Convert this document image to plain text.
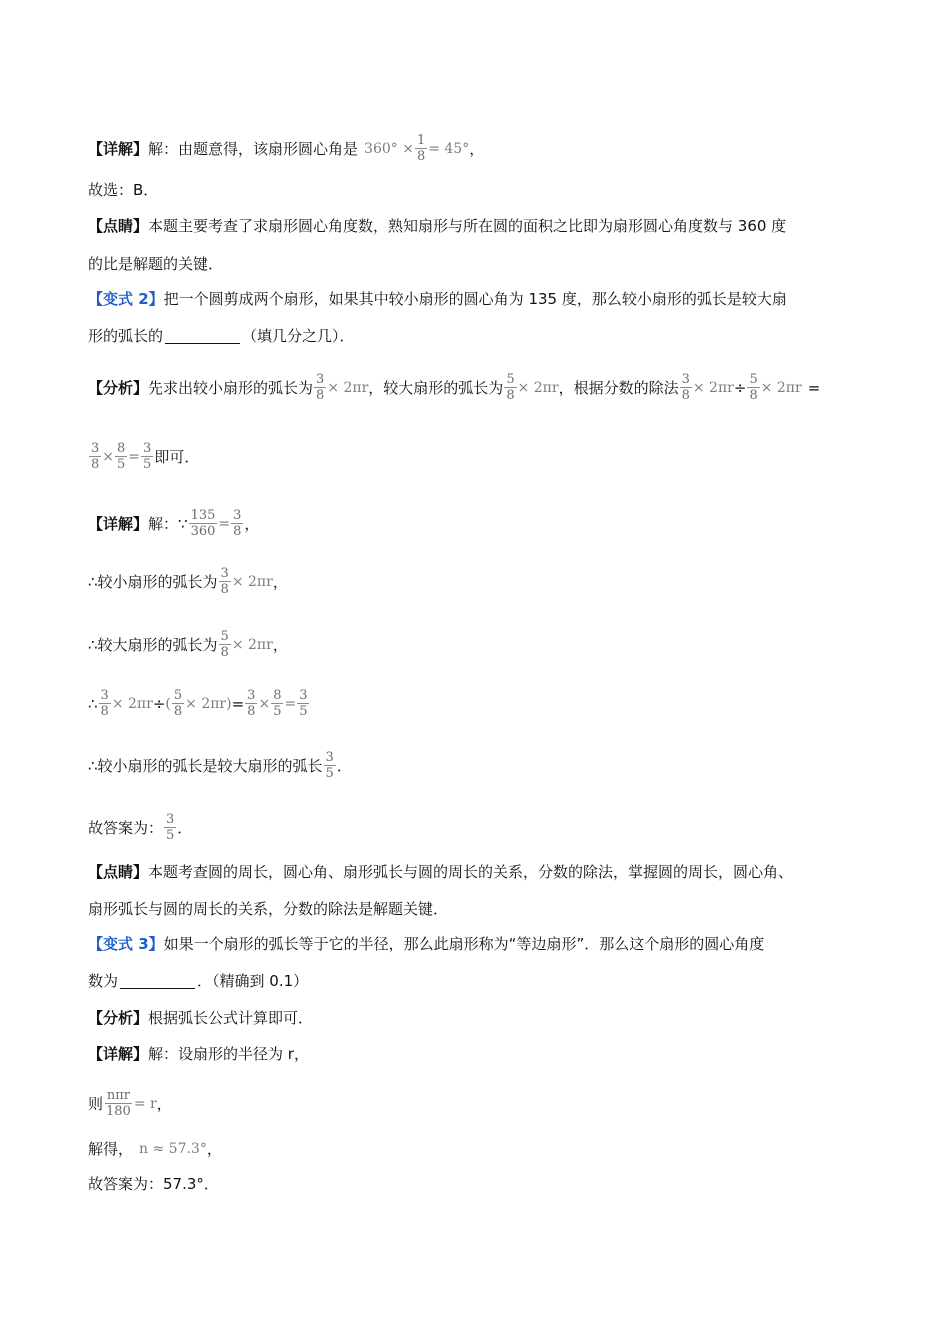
【详解】 解：由题意得，该扇形圆心角是 $360^\circ \times \frac{1}{8} = 45^\circ$ ，
故选：B．
【点睛】 本题主要考查了求扇形圆心角度数，熟知扇形与所在圆的面积之比即为扇形圆心角度数与 360 度
的比是解题的关键．
【变式 2】 把一个圆剪成两个扇形，如果其中较小扇形的圆心角为 135 度，那么较小扇形的弧长是较大扇
形的弧长的	（填几分之几）．
【分析】 先求出较小扇形的弧长为 $\frac{3}{8} \times 2\pi r$ ，较大扇形的弧长为 $\frac{5}{8} \times 2\pi r$ ，根据分数的除法 $\frac{3}{8} \times 2\pi r \div \frac{5}{8} \times 2\pi r$ =
$\frac{3}{8} \times \frac{8}{5} = \frac{3}{5}$ 即可．
【详解】 解：∵ $\frac{135}{360} = \frac{3}{8}$ ，
∴较小扇形的弧长为 $\frac{3}{8} \times 2\pi r$ ，
∴较大扇形的弧长为 $\frac{5}{8} \times 2\pi r$ ，
∴ $\frac{3}{8} \times 2\pi r$ ÷ ( $\frac{5}{8} \times 2\pi r$ ) = $\frac{3}{8} \times \frac{8}{5} = \frac{3}{5}$
∴较小扇形的弧长是较大扇形的弧长 $\frac{3}{5}$ ．
故答案为： $\frac{3}{5}$ ．
【点睛】 本题考查圆的周长，圆心角、扇形弧长与圆的周长的关系，分数的除法，掌握圆的周长，圆心角、
扇形弧长与圆的周长的关系，分数的除法是解题关键．
【变式 3】 如果一个扇形的弧长等于它的半径，那么此扇形称为“等边扇形”．那么这个扇形的圆心角度
数为	．（精确到 0.1）
【分析】 根据弧长公式计算即可．
【详解】 解：设扇形的半径为 r，
则 $\frac{\text{nπr}}{180} = r$ ，
解得， n ≈ 57.3° ，
故答案为：57.3°．
